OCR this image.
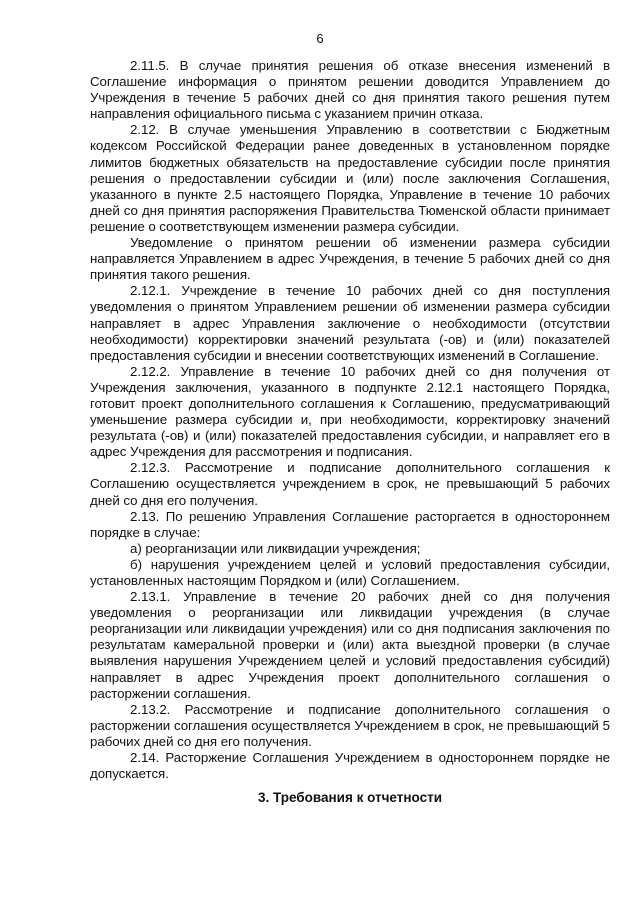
6

2.11.5. В случае принятия решения об отказе внесения изменений в Соглашение информация о принятом решении доводится Управлением до Учреждения в течение 5 рабочих дней со дня принятия такого решения путем направления официального письма с указанием причин отказа.

2.12. В случае уменьшения Управлению в соответствии с Бюджетным кодексом Российской Федерации ранее доведенных в установленном порядке лимитов бюджетных обязательств на предоставление субсидии после принятия решения о предоставлении субсидии и (или) после заключения Соглашения, указанного в пункте 2.5 настоящего Порядка, Управление в течение 10 рабочих дней со дня принятия распоряжения Правительства Тюменской области принимает решение о соответствующем изменении размера субсидии.

Уведомление о принятом решении об изменении размера субсидии направляется Управлением в адрес Учреждения, в течение 5 рабочих дней со дня принятия такого решения.

2.12.1. Учреждение в течение 10 рабочих дней со дня поступления уведомления о принятом Управлением решении об изменении размера субсидии направляет в адрес Управления заключение о необходимости (отсутствии необходимости) корректировки значений результата (-ов) и (или) показателей предоставления субсидии и внесении соответствующих изменений в Соглашение.

2.12.2. Управление в течение 10 рабочих дней со дня получения от Учреждения заключения, указанного в подпункте 2.12.1 настоящего Порядка, готовит проект дополнительного соглашения к Соглашению, предусматривающий уменьшение размера субсидии и, при необходимости, корректировку значений результата (-ов) и (или) показателей предоставления субсидии, и направляет его в адрес Учреждения для рассмотрения и подписания.

2.12.3. Рассмотрение и подписание дополнительного соглашения к Соглашению осуществляется учреждением в срок, не превышающий 5 рабочих дней со дня его получения.

2.13. По решению Управления Соглашение расторгается в одностороннем порядке в случае:

а) реорганизации или ликвидации учреждения;

б) нарушения учреждением целей и условий предоставления субсидии, установленных настоящим Порядком и (или) Соглашением.

2.13.1. Управление в течение 20 рабочих дней со дня получения уведомления о реорганизации или ликвидации учреждения (в случае реорганизации или ликвидации учреждения) или со дня подписания заключения по результатам камеральной проверки и (или) акта выездной проверки (в случае выявления нарушения Учреждением целей и условий предоставления субсидий) направляет в адрес Учреждения проект дополнительного соглашения о расторжении соглашения.

2.13.2. Рассмотрение и подписание дополнительного соглашения о расторжении соглашения осуществляется Учреждением в срок, не превышающий 5 рабочих дней со дня его получения.

2.14. Расторжение Соглашения Учреждением в одностороннем порядке не допускается.

3. Требования к отчетности
